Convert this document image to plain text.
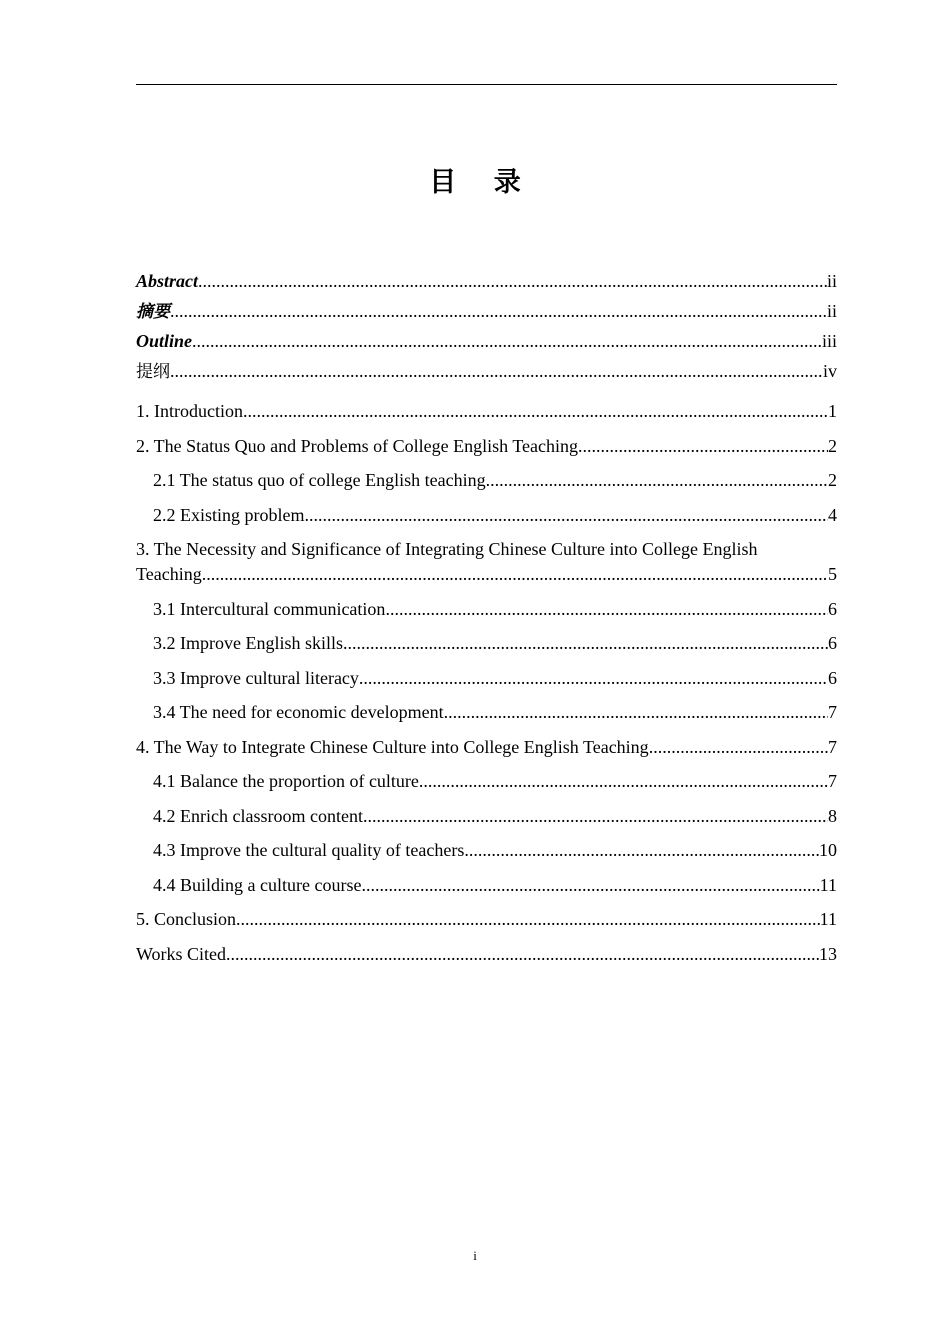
目 录
Abstract .....	ii
摘要 .....	ii
Outline .....	iii
提纲 .....	iv
1. Introduction .....	1
2. The Status Quo and Problems of College English Teaching .....	2
2.1 The status quo of college English teaching .....	2
2.2 Existing problem .....	4
3. The Necessity and Significance of Integrating Chinese Culture into College English
Teaching .....	5
3.1 Intercultural communication .....	6
3.2 Improve English skills .....	6
3.3 Improve cultural literacy .....	6
3.4 The need for economic development .....	7
4. The Way to Integrate Chinese Culture into College English Teaching .....	7
4.1 Balance the proportion of culture .....	7
4.2 Enrich classroom content .....	8
4.3 Improve the cultural quality of teachers .....	10
4.4 Building a culture course .....	11
5. Conclusion .....	11
Works Cited .....	13
i
